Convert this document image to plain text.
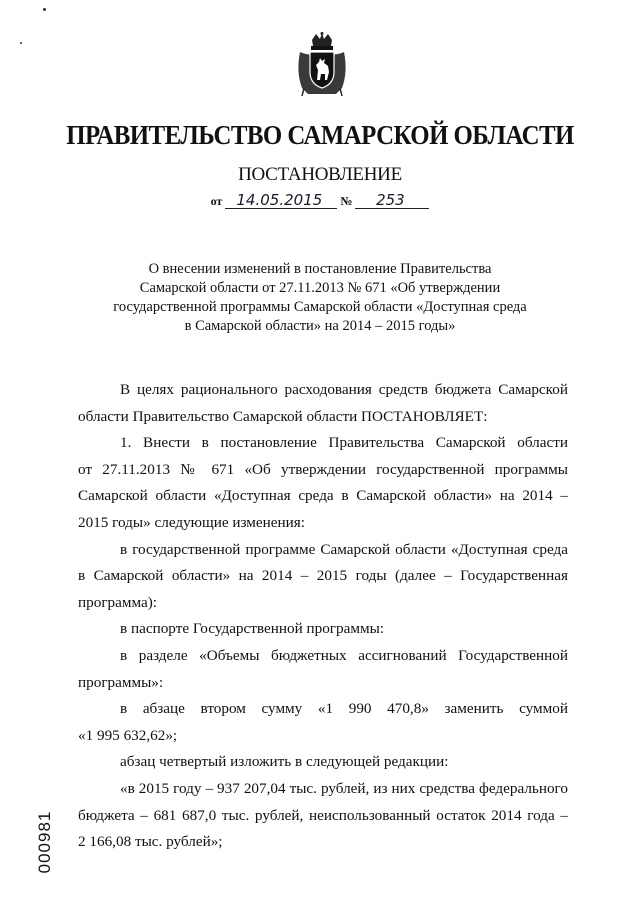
ПРАВИТЕЛЬСТВО САМАРСКОЙ ОБЛАСТИ
ПОСТАНОВЛЕНИЕ
от 14.05.2015 № 253
О внесении изменений в постановление Правительства
Самарской области от 27.11.2013 № 671 «Об утверждении
государственной программы Самарской области «Доступная среда
в Самарской области» на 2014 – 2015 годы»
В целях рационального расходования средств бюджета Самарской
области Правительство Самарской области ПОСТАНОВЛЯЕТ:
1. Внести в постановление Правительства Самарской области
от 27.11.2013 № 671 «Об утверждении государственной программы
Самарской области «Доступная среда в Самарской области» на 2014 –
2015 годы» следующие изменения:
в государственной программе Самарской области «Доступная среда
в Самарской области» на 2014 – 2015 годы (далее – Государственная
программа):
в паспорте Государственной программы:
в разделе «Объемы бюджетных ассигнований Государственной
программы»:
в абзаце втором сумму «1 990 470,8» заменить суммой
«1 995 632,62»;
абзац четвертый изложить в следующей редакции:
«в 2015 году – 937 207,04 тыс. рублей, из них средства федерального
бюджета – 681 687,0 тыс. рублей, неиспользованный остаток 2014 года –
2 166,08 тыс. рублей»;
000981
